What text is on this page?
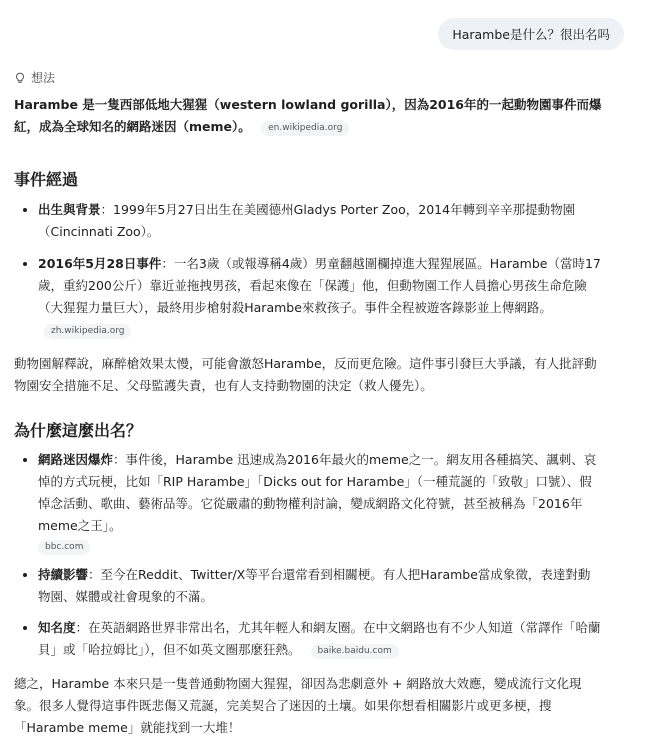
Harambe是什么？很出名吗
想法

Harambe 是一隻西部低地大猩猩（western lowland gorilla），因為2016年的一起動物園事件而爆紅，成為全球知名的網路迷因（meme）。 en.wikipedia.org

事件經過
• 出生與背景：1999年5月27日出生在美國德州Gladys Porter Zoo，2014年轉到辛辛那提動物園（Cincinnati Zoo）。
• 2016年5月28日事件：一名3歲（或報導稱4歲）男童翻越圍欄掉進大猩猩展區。Harambe（當時17歲，重約200公斤）靠近並拖拽男孩，看起來像在「保護」他，但動物園工作人員擔心男孩生命危險（大猩猩力量巨大），最終用步槍射殺Harambe來救孩子。事件全程被遊客錄影並上傳網路。 zh.wikipedia.org

動物園解釋說，麻醉槍效果太慢，可能會激怒Harambe，反而更危險。這件事引發巨大爭議，有人批評動物園安全措施不足、父母監護失責，也有人支持動物園的決定（救人優先）。

為什麼這麼出名？
• 網路迷因爆炸：事件後，Harambe 迅速成為2016年最火的meme之一。網友用各種搞笑、諷刺、哀悼的方式玩梗，比如「RIP Harambe」「Dicks out for Harambe」（一種荒誕的「致敬」口號）、假悼念活動、歌曲、藝術品等。它從嚴肅的動物權利討論，變成網路文化符號，甚至被稱為「2016年meme之王」。
bbc.com
• 持續影響：至今在Reddit、Twitter/X等平台還常看到相關梗。有人把Harambe當成象徵，表達對動物園、媒體或社會現象的不滿。
• 知名度：在英語網路世界非常出名，尤其年輕人和網友圈。在中文網路也有不少人知道（常譯作「哈蘭貝」或「哈拉姆比」），但不如英文圈那麼狂熱。 baike.baidu.com

總之，Harambe 本來只是一隻普通動物園大猩猩，卻因為悲劇意外 + 網路放大效應，變成流行文化現象。很多人覺得這事件既悲傷又荒誕，完美契合了迷因的土壤。如果你想看相關影片或更多梗，搜「Harambe meme」就能找到一大堆！
